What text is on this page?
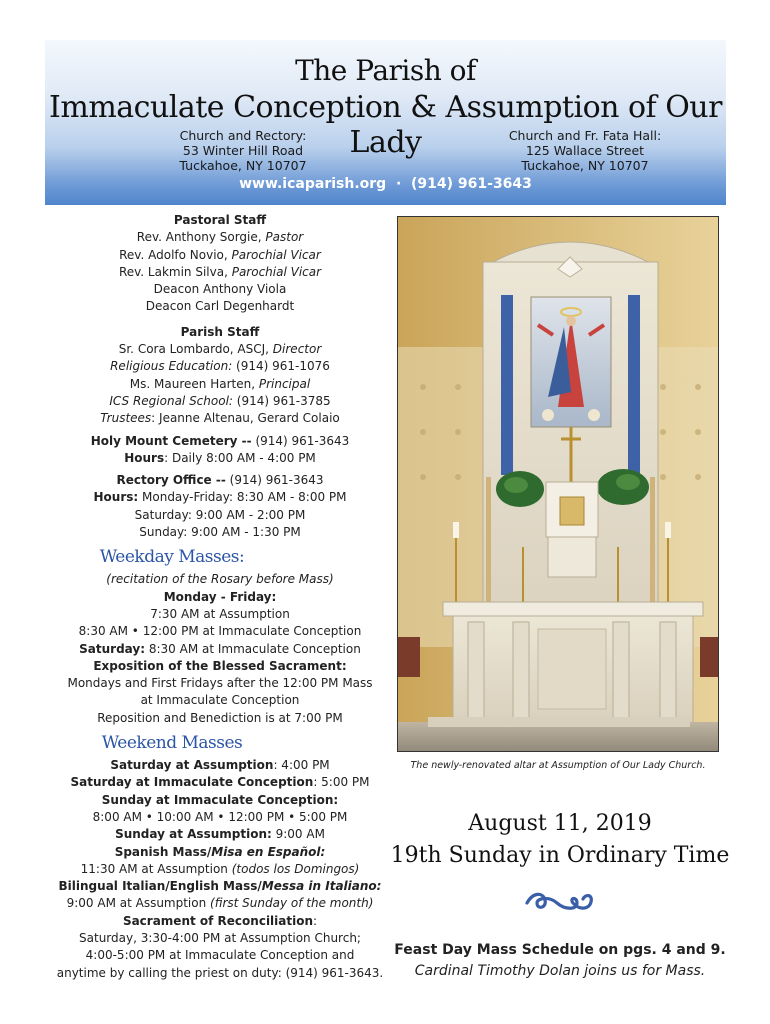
The Parish of
Immaculate Conception & Assumption of Our Lady
Church and Rectory:
53 Winter Hill Road
Tuckahoe, NY 10707
Church and Fr. Fata Hall:
125 Wallace Street
Tuckahoe, NY 10707
www.icaparish.org · (914) 961-3643
Pastoral Staff
Rev. Anthony Sorgie, Pastor
Rev. Adolfo Novio, Parochial Vicar
Rev. Lakmin Silva, Parochial Vicar
Deacon Anthony Viola
Deacon Carl Degenhardt
Parish Staff
Sr. Cora Lombardo, ASCJ, Director
Religious Education: (914) 961-1076
Ms. Maureen Harten, Principal
ICS Regional School: (914) 961-3785
Trustees: Jeanne Altenau, Gerard Colaio
Holy Mount Cemetery -- (914) 961-3643
Hours: Daily 8:00 AM - 4:00 PM
Rectory Office -- (914) 961-3643
Hours: Monday-Friday: 8:30 AM - 8:00 PM
Saturday: 9:00 AM - 2:00 PM
Sunday: 9:00 AM - 1:30 PM
Weekday Masses:
(recitation of the Rosary before Mass)
Monday - Friday:
7:30 AM at Assumption
8:30 AM • 12:00 PM at Immaculate Conception
Saturday: 8:30 AM at Immaculate Conception
Exposition of the Blessed Sacrament:
Mondays and First Fridays after the 12:00 PM Mass
at Immaculate Conception
Reposition and Benediction is at 7:00 PM
Weekend Masses
Saturday at Assumption: 4:00 PM
Saturday at Immaculate Conception: 5:00 PM
Sunday at Immaculate Conception:
8:00 AM • 10:00 AM • 12:00 PM • 5:00 PM
Sunday at Assumption: 9:00 AM
Spanish Mass/Misa en Español:
11:30 AM at Assumption (todos los Domingos)
Bilingual Italian/English Mass/Messa in Italiano:
9:00 AM at Assumption (first Sunday of the month)
Sacrament of Reconciliation:
Saturday, 3:30-4:00 PM at Assumption Church;
4:00-5:00 PM at Immaculate Conception and
anytime by calling the priest on duty: (914) 961-3643.
The newly-renovated altar at Assumption of Our Lady Church.
August 11, 2019
19th Sunday in Ordinary Time
Feast Day Mass Schedule on pgs. 4 and 9.
Cardinal Timothy Dolan joins us for Mass.
